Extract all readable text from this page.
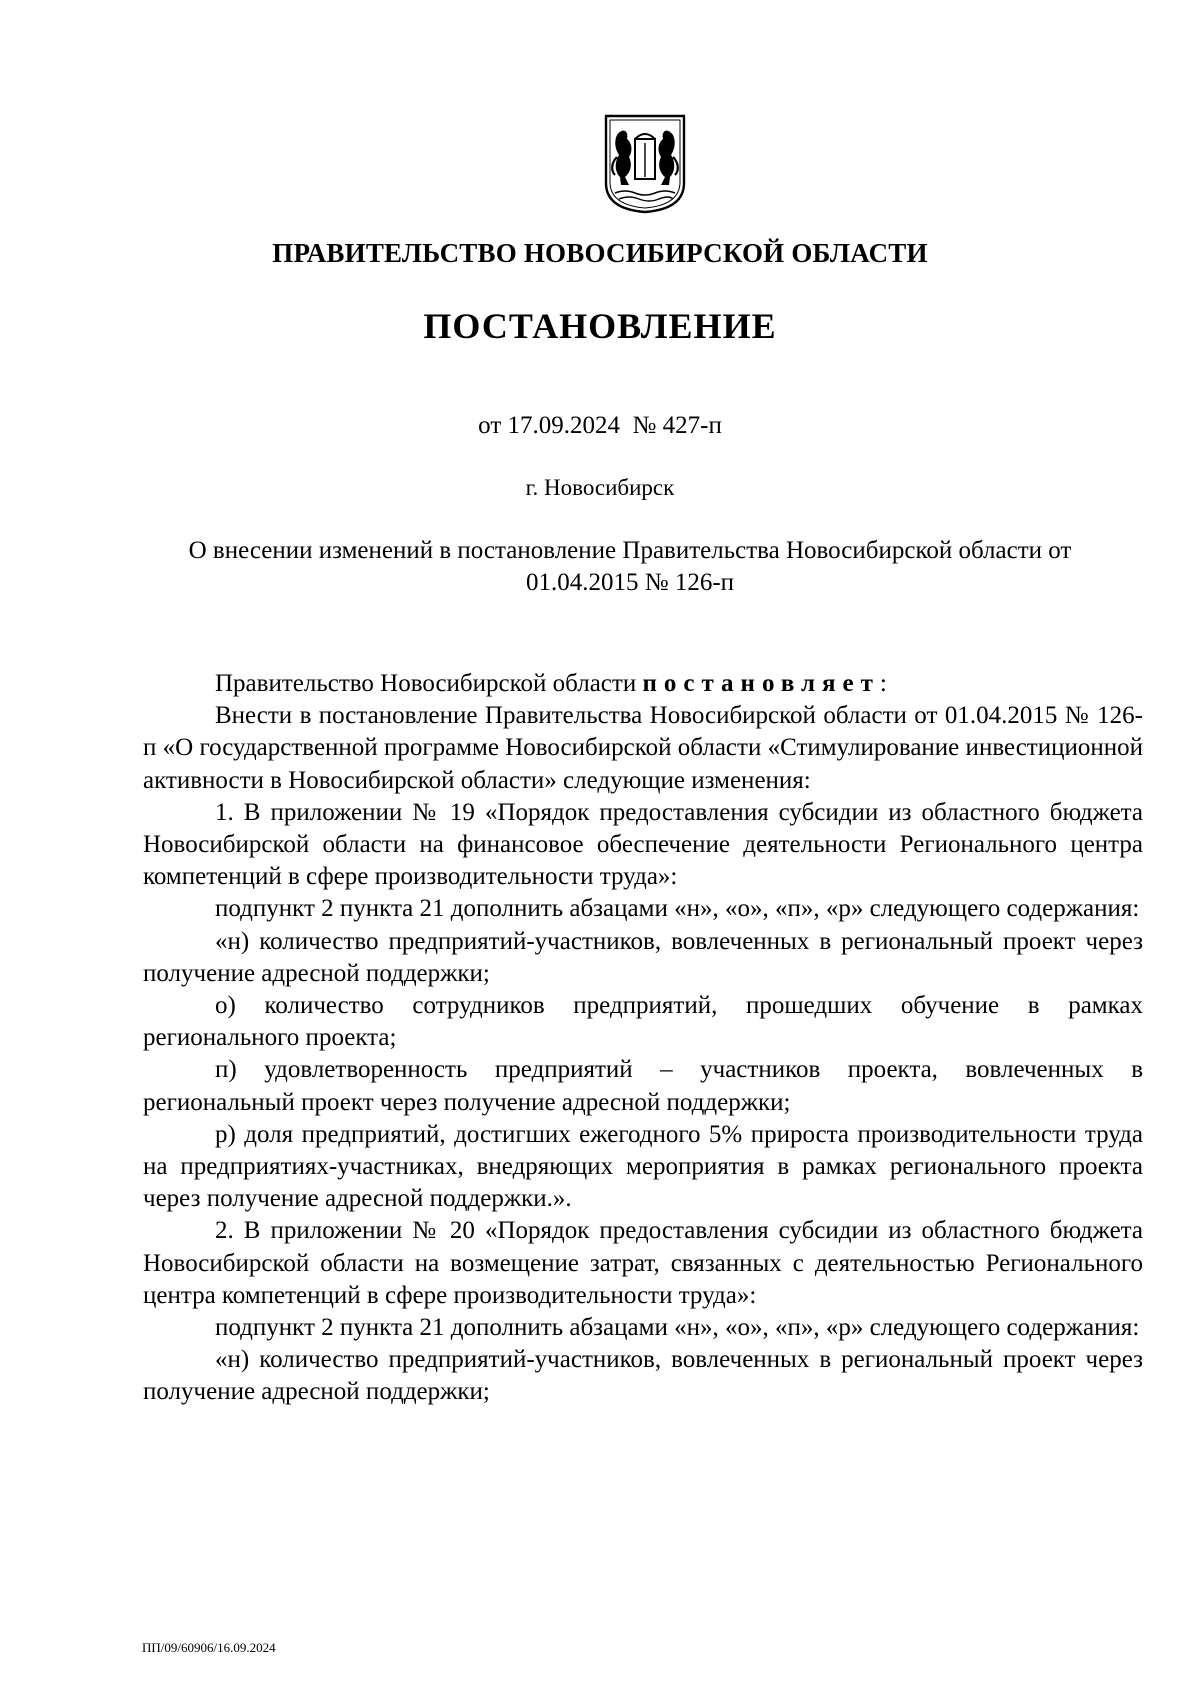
ПРАВИТЕЛЬСТВО НОВОСИБИРСКОЙ ОБЛАСТИ

ПОСТАНОВЛЕНИЕ

от 17.09.2024  № 427-п

г. Новосибирск

О внесении изменений в постановление Правительства Новосибирской области от 01.04.2015 № 126-п

Правительство Новосибирской области постановляет:

Внести в постановление Правительства Новосибирской области от 01.04.2015 № 126-п «О государственной программе Новосибирской области «Стимулирование инвестиционной активности в Новосибирской области» следующие изменения:

1. В приложении № 19 «Порядок предоставления субсидии из областного бюджета Новосибирской области на финансовое обеспечение деятельности Регионального центра компетенций в сфере производительности труда»:

подпункт 2 пункта 21 дополнить абзацами «н», «о», «п», «р» следующего содержания:

«н) количество предприятий-участников, вовлеченных в региональный проект через получение адресной поддержки;

о) количество сотрудников предприятий, прошедших обучение в рамках регионального проекта;

п) удовлетворенность предприятий – участников проекта, вовлеченных в региональный проект через получение адресной поддержки;

р) доля предприятий, достигших ежегодного 5% прироста производительности труда на предприятиях-участниках, внедряющих мероприятия в рамках регионального проекта через получение адресной поддержки.».

2. В приложении № 20 «Порядок предоставления субсидии из областного бюджета Новосибирской области на возмещение затрат, связанных с деятельностью Регионального центра компетенций в сфере производительности труда»:

подпункт 2 пункта 21 дополнить абзацами «н», «о», «п», «р» следующего содержания:

«н) количество предприятий-участников, вовлеченных в региональный проект через получение адресной поддержки;

ПП/09/60906/16.09.2024
